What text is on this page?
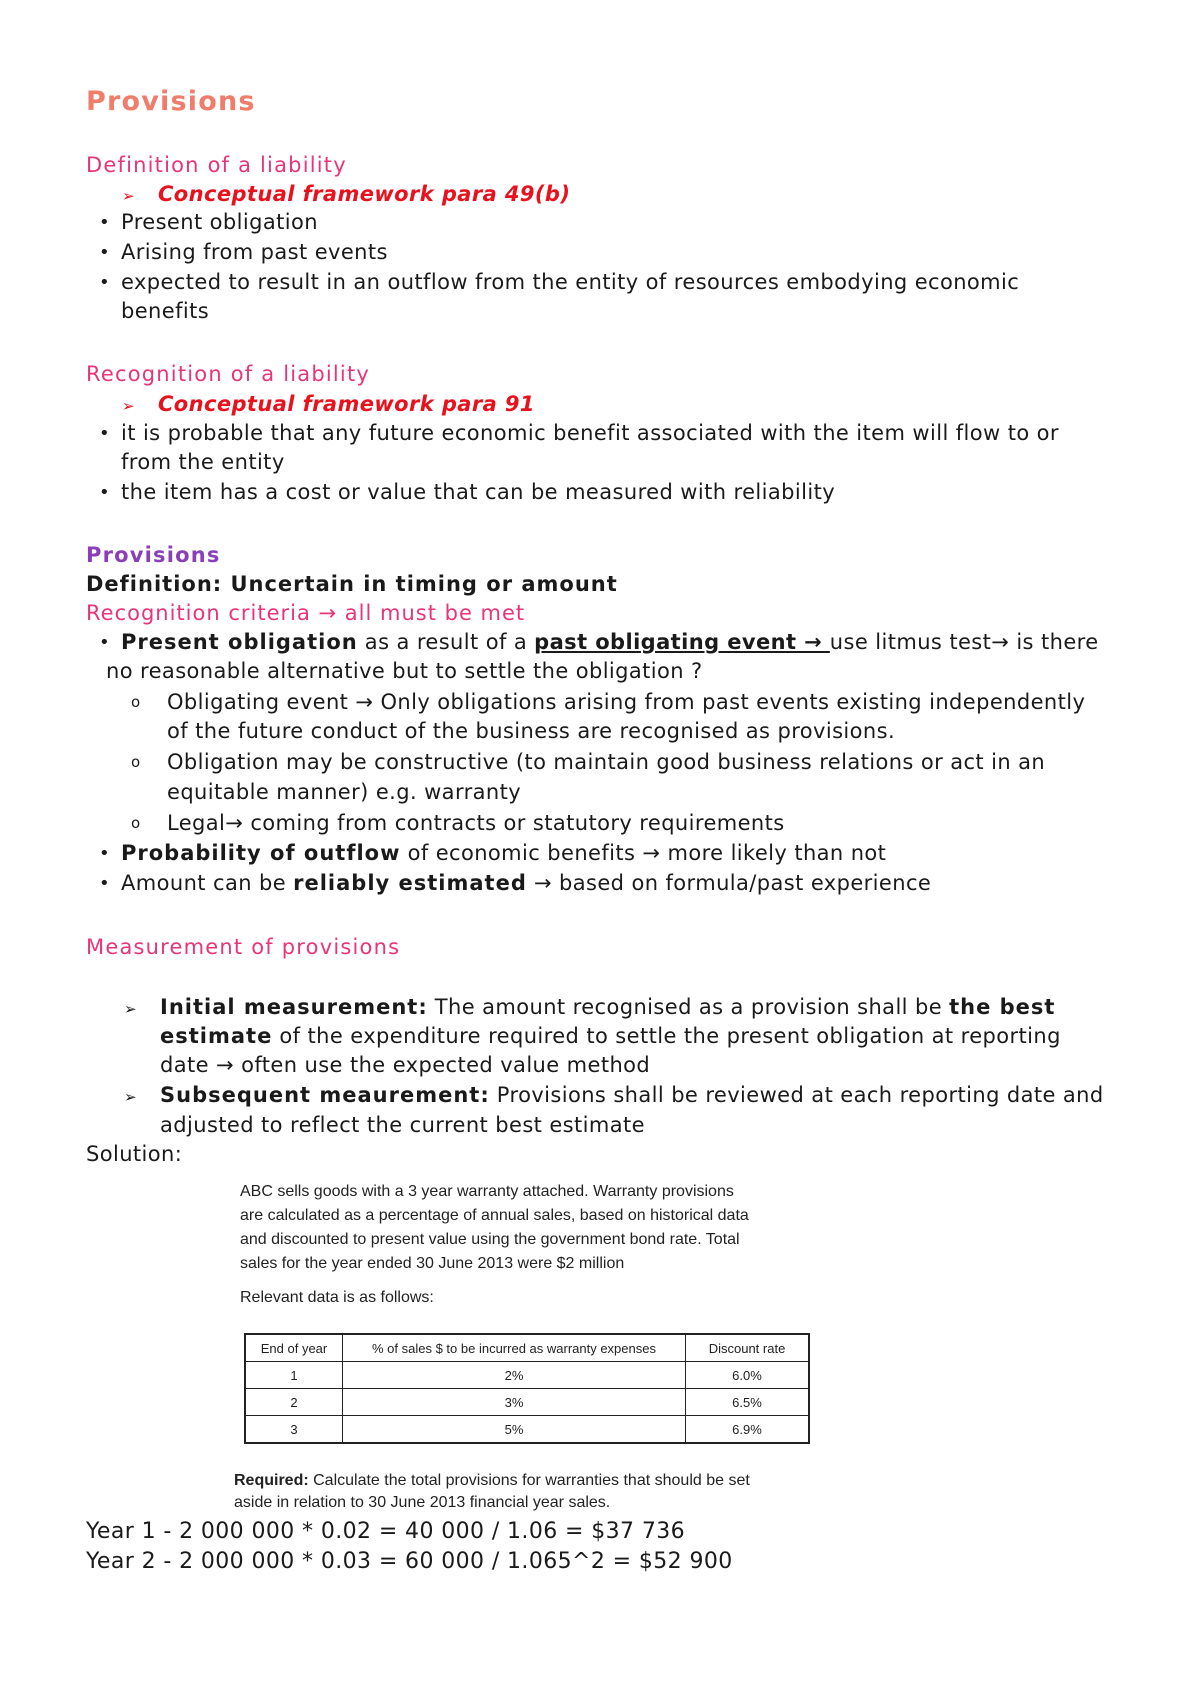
Provisions
Definition of a liability
➢ Conceptual framework para 49(b)
• Present obligation
• Arising from past events
• expected to result in an outflow from the entity of resources embodying economic
benefits
Recognition of a liability
➢ Conceptual framework para 91
• it is probable that any future economic benefit associated with the item will flow to or
from the entity
• the item has a cost or value that can be measured with reliability
Provisions
Definition: Uncertain in timing or amount
Recognition criteria → all must be met
• Present obligation as a result of a past obligating event → use litmus test→ is there
no reasonable alternative but to settle the obligation ?
o Obligating event → Only obligations arising from past events existing independently
of the future conduct of the business are recognised as provisions.
o Obligation may be constructive (to maintain good business relations or act in an
equitable manner) e.g. warranty
o Legal→ coming from contracts or statutory requirements
• Probability of outflow of economic benefits → more likely than not
• Amount can be reliably estimated → based on formula/past experience
Measurement of provisions
➢ Initial measurement: The amount recognised as a provision shall be the best
estimate of the expenditure required to settle the present obligation at reporting
date → often use the expected value method
➢ Subsequent meaurement: Provisions shall be reviewed at each reporting date and
adjusted to reflect the current best estimate
Solution:

ABC sells goods with a 3 year warranty attached. Warranty provisions

are calculated as a percentage of annual sales, based on historical data

and discounted to present value using the government bond rate. Total

sales for the year ended 30 June 2013 were $2 million

Relevant data is as follows:

End of year	% of sales $ to be incurred as warranty expenses	Discount rate
1	2%	6.0%
2	3%	6.5%
3	5%	6.9%
Required: Calculate the total provisions for warranties that should be set
aside in relation to 30 June 2013 financial year sales.
Year 1 - 2 000 000 * 0.02 = 40 000 / 1.06 = $37 736
Year 2 - 2 000 000 * 0.03 = 60 000 / 1.065^2 = $52 900
